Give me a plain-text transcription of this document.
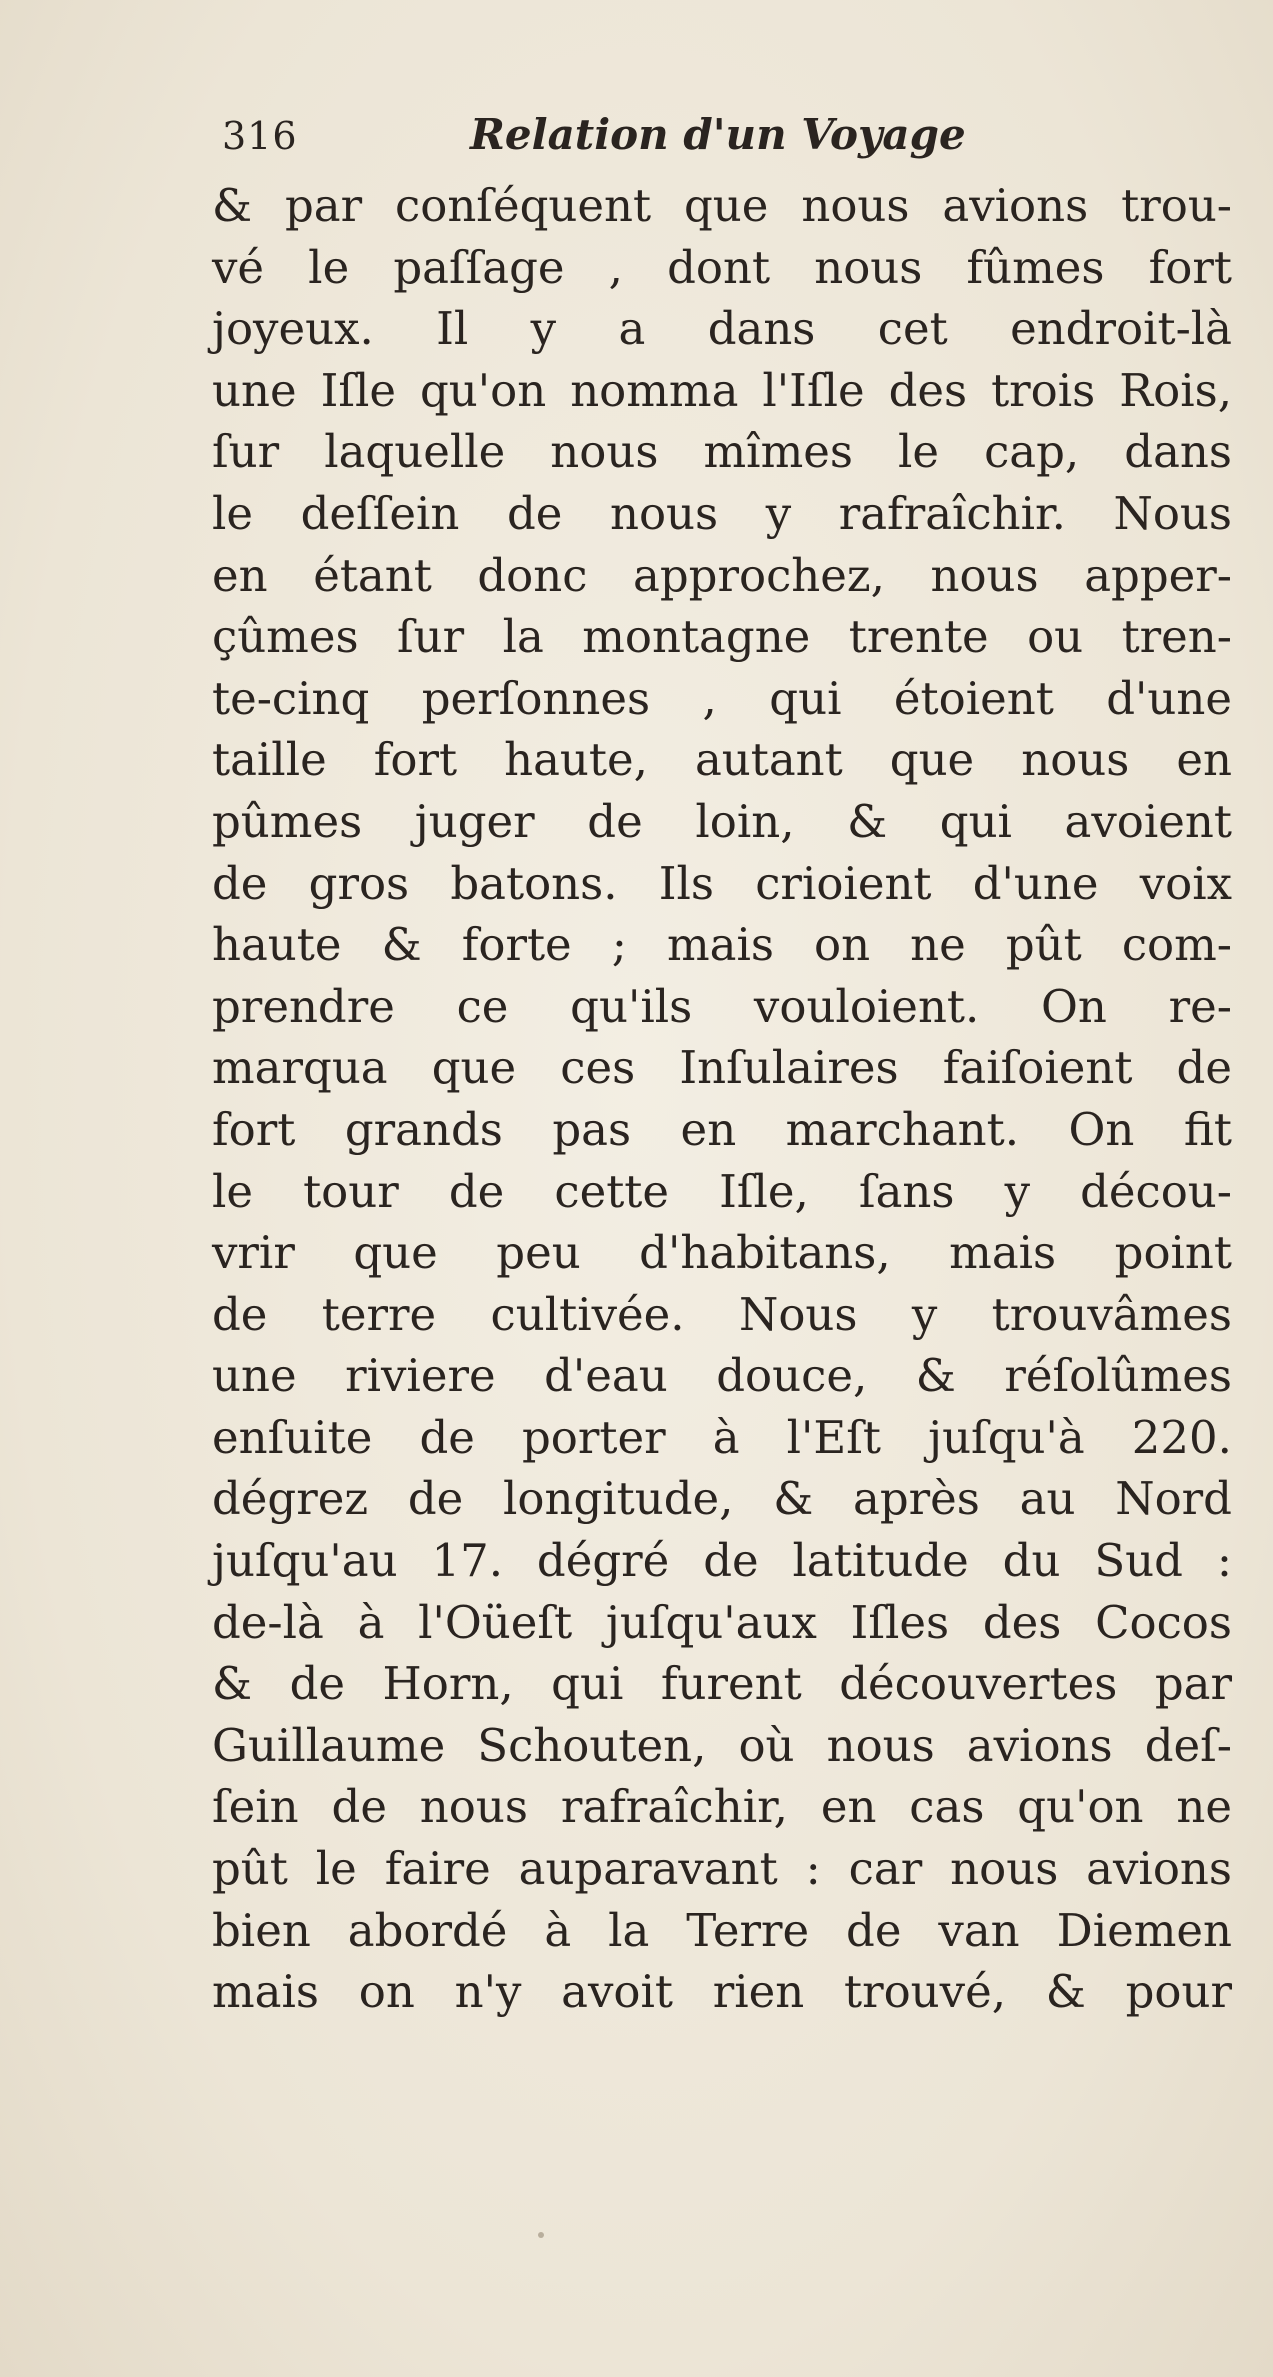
316	Relation d'un Voyage
& par conſéquent que nous avions trou-
vé le paſſage , dont nous fûmes fort
joyeux. Il y a dans cet endroit-là
une Iſle qu'on nomma l'Iſle des trois Rois,
ſur laquelle nous mîmes le cap, dans
le deſſein de nous y rafraîchir. Nous
en étant donc approchez, nous apper-
çûmes ſur la montagne trente ou tren-
te-cinq perſonnes , qui étoient d'une
taille fort haute, autant que nous en
pûmes juger de loin, & qui avoient
de gros batons. Ils crioient d'une voix
haute & forte ; mais on ne pût com-
prendre ce qu'ils vouloient. On re-
marqua que ces Inſulaires faiſoient de
fort grands pas en marchant. On fit
le tour de cette Iſle, ſans y décou-
vrir que peu d'habitans, mais point
de terre cultivée. Nous y trouvâmes
une riviere d'eau douce, & réſolûmes
enſuite de porter à l'Eſt juſqu'à 220.
dégrez de longitude, & après au Nord
juſqu'au 17. dégré de latitude du Sud :
de-là à l'Oüeſt juſqu'aux Iſles des Cocos
& de Horn, qui furent découvertes par
Guillaume Schouten, où nous avions deſ-
ſein de nous rafraîchir, en cas qu'on ne
pût le faire auparavant : car nous avions
bien abordé à la Terre de van Diemen
mais on n'y avoit rien trouvé, & pour
